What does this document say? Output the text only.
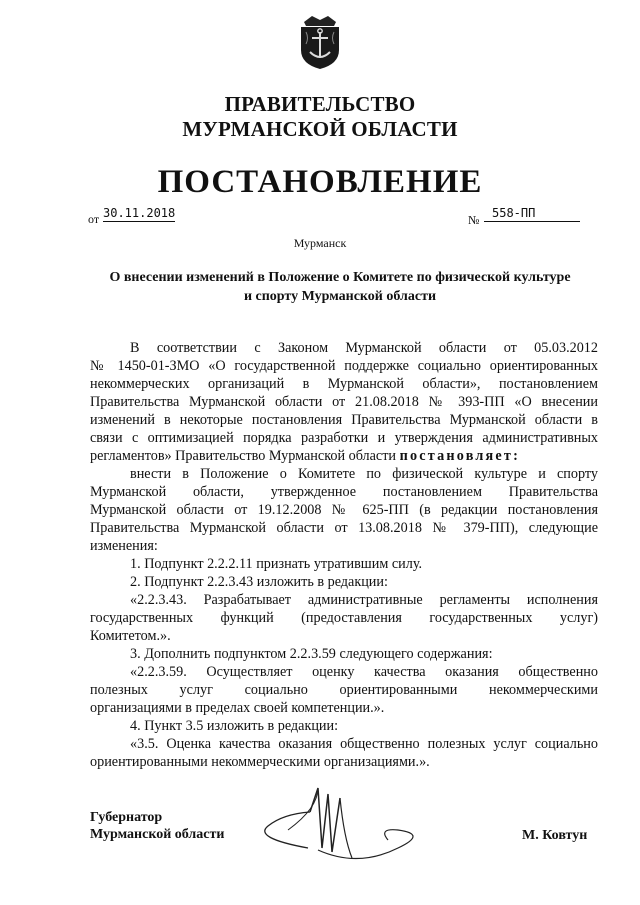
ПРАВИТЕЛЬСТВО
МУРМАНСКОЙ ОБЛАСТИ
ПОСТАНОВЛЕНИЕ
от 30.11.2018	№	558-ПП
Мурманск
О внесении изменений в Положение о Комитете по физической культуре
и спорту Мурманской области
В соответствии с Законом Мурманской области от 05.03.2012
№ 1450-01-ЗМО «О государственной поддержке социально ориентированных
некоммерческих организаций в Мурманской области», постановлением
Правительства Мурманской области от 21.08.2018 № 393-ПП «О внесении
изменений в некоторые постановления Правительства Мурманской области в
связи с оптимизацией порядка разработки и утверждения административных
регламентов» Правительство Мурманской области постановляет:
внести в Положение о Комитете по физической культуре и спорту
Мурманской области, утвержденное постановлением Правительства
Мурманской области от 19.12.2008 № 625-ПП (в редакции постановления
Правительства Мурманской области от 13.08.2018 № 379-ПП), следующие
изменения:
1. Подпункт 2.2.2.11 признать утратившим силу.
2. Подпункт 2.2.3.43 изложить в редакции:
«2.2.3.43. Разрабатывает административные регламенты исполнения
государственных функций (предоставления государственных услуг)
Комитетом.».
3. Дополнить подпунктом 2.2.3.59 следующего содержания:
«2.2.3.59. Осуществляет оценку качества оказания общественно
полезных услуг социально ориентированными некоммерческими
организациями в пределах своей компетенции.».
4. Пункт 3.5 изложить в редакции:
«3.5. Оценка качества оказания общественно полезных услуг социально
ориентированными некоммерческими организациями.».
Губернатор
Мурманской области	М. Ковтун
